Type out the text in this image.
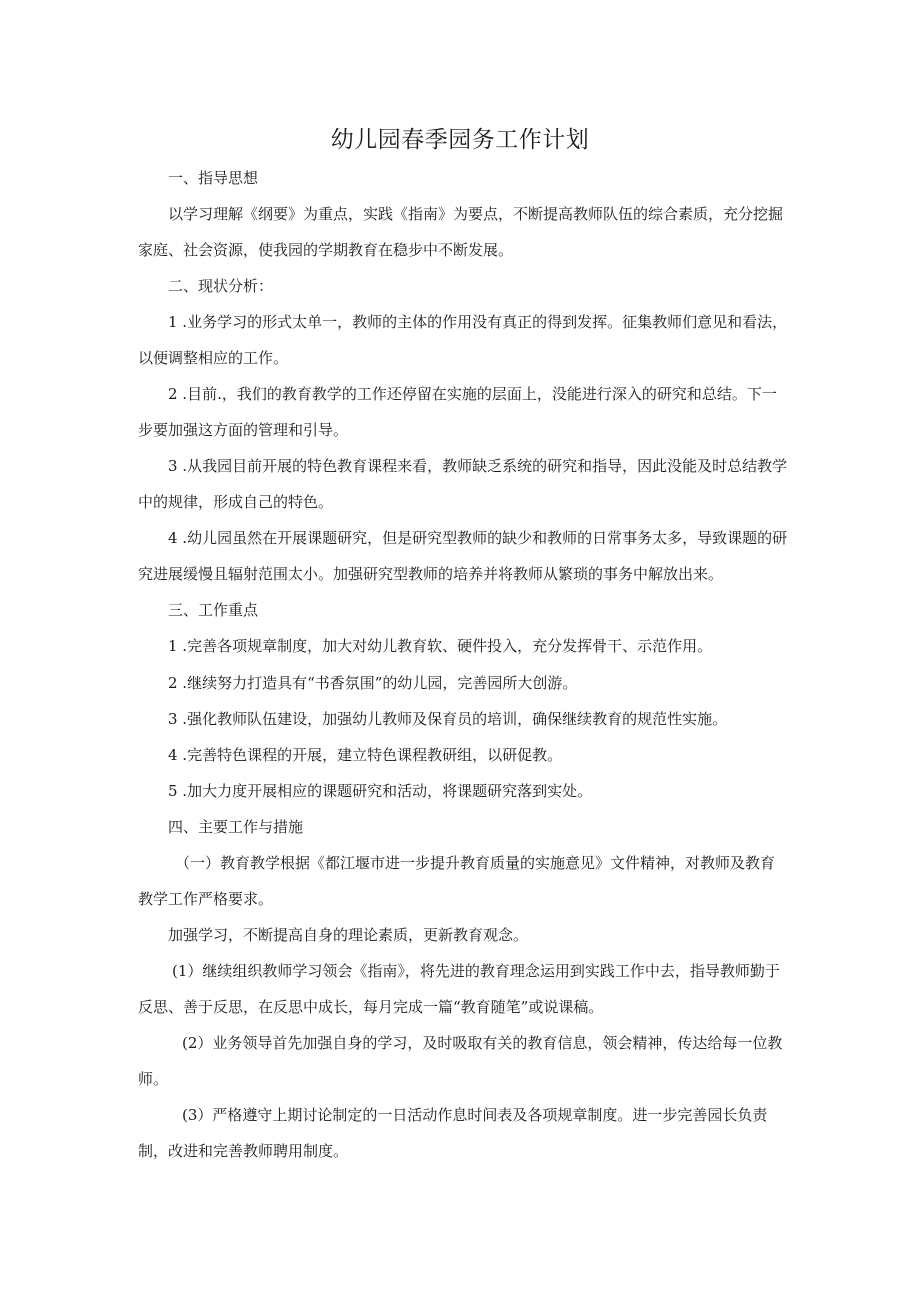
幼儿园春季园务工作计划

一、指导思想

以学习理解《纲要》为重点，实践《指南》为要点，不断提高教师队伍的综合素质，充分挖掘家庭、社会资源，使我园的学期教育在稳步中不断发展。

二、现状分析：

1 .业务学习的形式太单一，教师的主体的作用没有真正的得到发挥。征集教师们意见和看法，以便调整相应的工作。

2 .目前.，我们的教育教学的工作还停留在实施的层面上，没能进行深入的研究和总结。下一步要加强这方面的管理和引导。

3 .从我园目前开展的特色教育课程来看，教师缺乏系统的研究和指导，因此没能及时总结教学中的规律，形成自己的特色。

4 .幼儿园虽然在开展课题研究，但是研究型教师的缺少和教师的日常事务太多，导致课题的研究进展缓慢且辐射范围太小。加强研究型教师的培养并将教师从繁琐的事务中解放出来。

三、工作重点

1 .完善各项规章制度，加大对幼儿教育软、硬件投入，充分发挥骨干、示范作用。

2 .继续努力打造具有“书香氛围”的幼儿园，完善园所大创游。

3 .强化教师队伍建设，加强幼儿教师及保育员的培训，确保继续教育的规范性实施。

4 .完善特色课程的开展，建立特色课程教研组，以研促教。

5 .加大力度开展相应的课题研究和活动，将课题研究落到实处。

四、主要工作与措施

（一）教育教学根据《都江堰市进一步提升教育质量的实施意见》文件精神，对教师及教育教学工作严格要求。

加强学习，不断提高自身的理论素质，更新教育观念。

(1）继续组织教师学习领会《指南》，将先进的教育理念运用到实践工作中去，指导教师勤于反思、善于反思，在反思中成长，每月完成一篇“教育随笔”或说课稿。

(2）业务领导首先加强自身的学习，及时吸取有关的教育信息，领会精神，传达给每一位教师。

(3）严格遵守上期讨论制定的一日活动作息时间表及各项规章制度。进一步完善园长负责制，改进和完善教师聘用制度。
